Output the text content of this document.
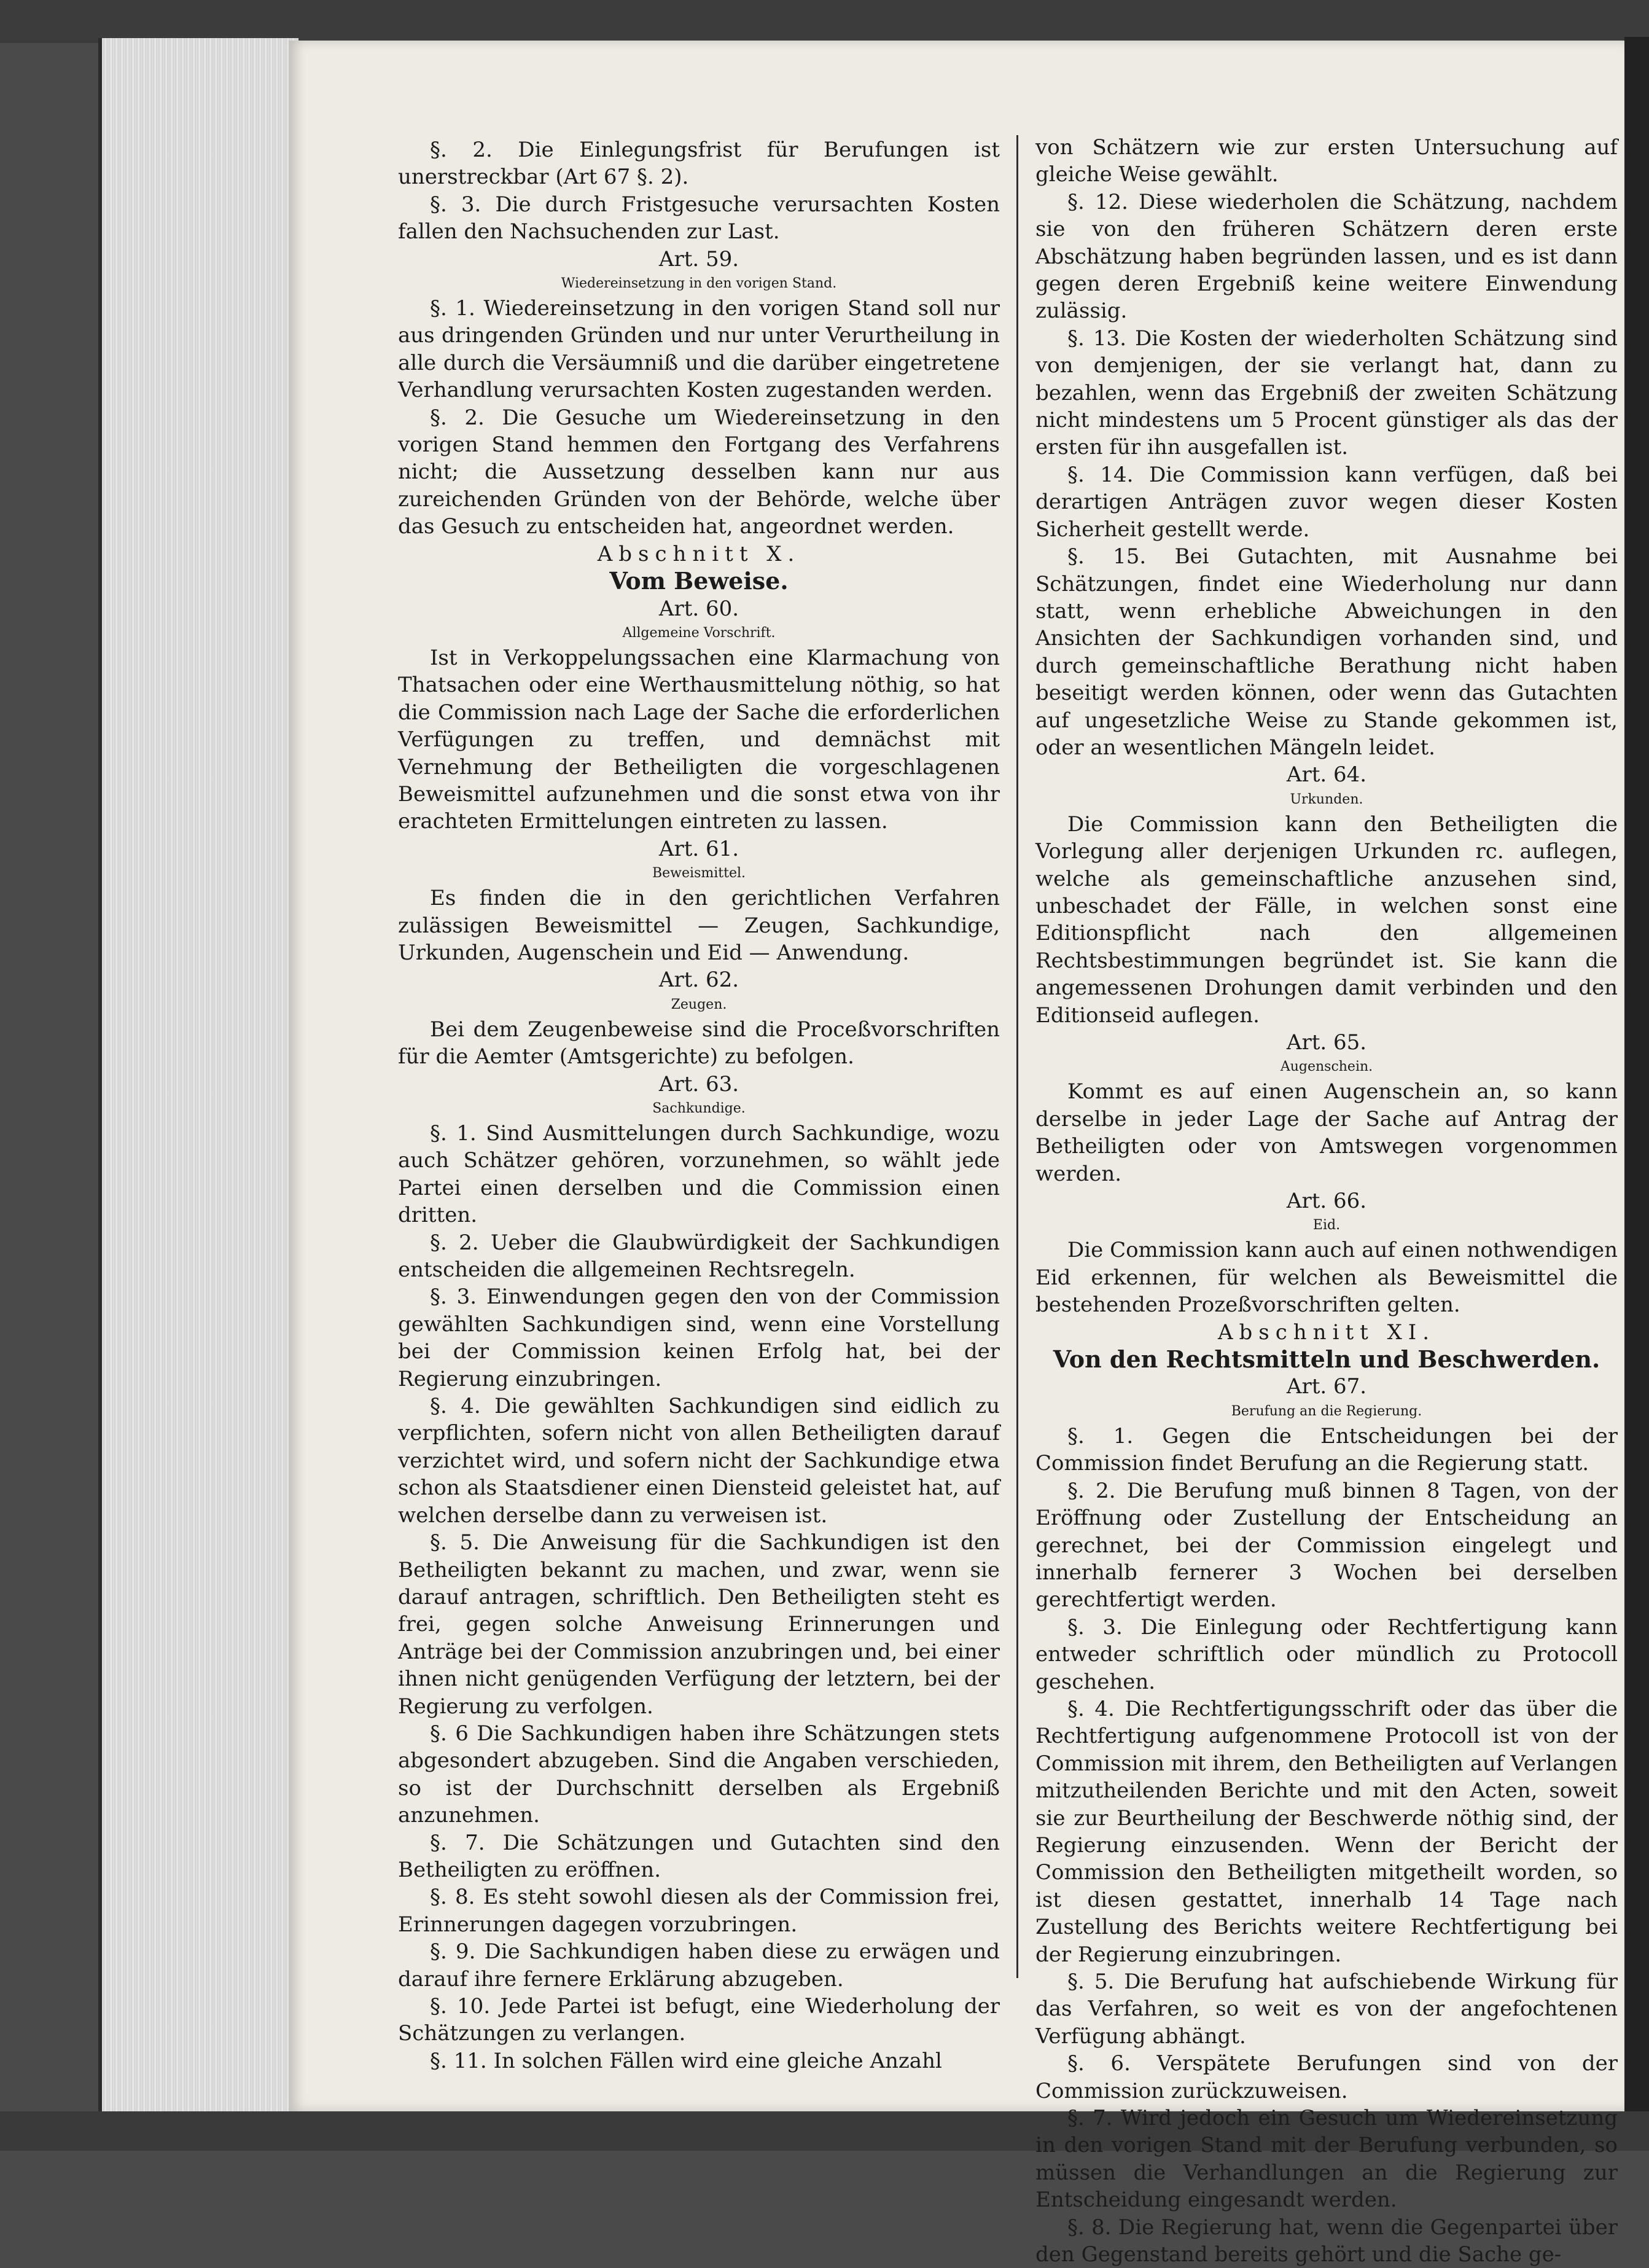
§. 2. Die Einlegungsfrist für Berufungen ist unerstreckbar (Art 67 §. 2).

§. 3. Die durch Fristgesuche verursachten Kosten fallen den Nachsuchenden zur Last.

Art. 59.
Wiedereinsetzung in den vorigen Stand.

§. 1. Wiedereinsetzung in den vorigen Stand soll nur aus dringenden Gründen und nur unter Verurtheilung in alle durch die Versäumniß und die darüber eingetretene Verhandlung verursachten Kosten zugestanden werden.

§. 2. Die Gesuche um Wiedereinsetzung in den vorigen Stand hemmen den Fortgang des Verfahrens nicht; die Aussetzung desselben kann nur aus zureichenden Gründen von der Behörde, welche über das Gesuch zu entscheiden hat, angeordnet werden.

Abschnitt X.
Vom Beweise.
Art. 60.
Allgemeine Vorschrift.

Ist in Verkoppelungssachen eine Klarmachung von Thatsachen oder eine Werthausmittelung nöthig, so hat die Commission nach Lage der Sache die erforderlichen Verfügungen zu treffen, und demnächst mit Vernehmung der Betheiligten die vorgeschlagenen Beweismittel aufzunehmen und die sonst etwa von ihr erachteten Ermittelungen eintreten zu lassen.

Art. 61.
Beweismittel.

Es finden die in den gerichtlichen Verfahren zulässigen Beweismittel — Zeugen, Sachkundige, Urkunden, Augenschein und Eid — Anwendung.

Art. 62.
Zeugen.

Bei dem Zeugenbeweise sind die Proceßvorschriften für die Aemter (Amtsgerichte) zu befolgen.

Art. 63.
Sachkundige.

§. 1. Sind Ausmittelungen durch Sachkundige, wozu auch Schätzer gehören, vorzunehmen, so wählt jede Partei einen derselben und die Commission einen dritten.

§. 2. Ueber die Glaubwürdigkeit der Sachkundigen entscheiden die allgemeinen Rechtsregeln.

§. 3. Einwendungen gegen den von der Commission gewählten Sachkundigen sind, wenn eine Vorstellung bei der Commission keinen Erfolg hat, bei der Regierung einzubringen.

§. 4. Die gewählten Sachkundigen sind eidlich zu verpflichten, sofern nicht von allen Betheiligten darauf verzichtet wird, und sofern nicht der Sachkundige etwa schon als Staatsdiener einen Diensteid geleistet hat, auf welchen derselbe dann zu verweisen ist.

§. 5. Die Anweisung für die Sachkundigen ist den Betheiligten bekannt zu machen, und zwar, wenn sie darauf antragen, schriftlich. Den Betheiligten steht es frei, gegen solche Anweisung Erinnerungen und Anträge bei der Commission anzubringen und, bei einer ihnen nicht genügenden Verfügung der letztern, bei der Regierung zu verfolgen.

§. 6 Die Sachkundigen haben ihre Schätzungen stets abgesondert abzugeben. Sind die Angaben verschieden, so ist der Durchschnitt derselben als Ergebniß anzunehmen.

§. 7. Die Schätzungen und Gutachten sind den Betheiligten zu eröffnen.

§. 8. Es steht sowohl diesen als der Commission frei, Erinnerungen dagegen vorzubringen.

§. 9. Die Sachkundigen haben diese zu erwägen und darauf ihre fernere Erklärung abzugeben.

§. 10. Jede Partei ist befugt, eine Wiederholung der Schätzungen zu verlangen.

§. 11. In solchen Fällen wird eine gleiche Anzahl

von Schätzern wie zur ersten Untersuchung auf gleiche Weise gewählt.

§. 12. Diese wiederholen die Schätzung, nachdem sie von den früheren Schätzern deren erste Abschätzung haben begründen lassen, und es ist dann gegen deren Ergebniß keine weitere Einwendung zulässig.

§. 13. Die Kosten der wiederholten Schätzung sind von demjenigen, der sie verlangt hat, dann zu bezahlen, wenn das Ergebniß der zweiten Schätzung nicht mindestens um 5 Procent günstiger als das der ersten für ihn ausgefallen ist.

§. 14. Die Commission kann verfügen, daß bei derartigen Anträgen zuvor wegen dieser Kosten Sicherheit gestellt werde.

§. 15. Bei Gutachten, mit Ausnahme bei Schätzungen, findet eine Wiederholung nur dann statt, wenn erhebliche Abweichungen in den Ansichten der Sachkundigen vorhanden sind, und durch gemeinschaftliche Berathung nicht haben beseitigt werden können, oder wenn das Gutachten auf ungesetzliche Weise zu Stande gekommen ist, oder an wesentlichen Mängeln leidet.

Art. 64.
Urkunden.

Die Commission kann den Betheiligten die Vorlegung aller derjenigen Urkunden rc. auflegen, welche als gemeinschaftliche anzusehen sind, unbeschadet der Fälle, in welchen sonst eine Editionspflicht nach den allgemeinen Rechtsbestimmungen begründet ist. Sie kann die angemessenen Drohungen damit verbinden und den Editionseid auflegen.

Art. 65.
Augenschein.

Kommt es auf einen Augenschein an, so kann derselbe in jeder Lage der Sache auf Antrag der Betheiligten oder von Amtswegen vorgenommen werden.

Art. 66.
Eid.

Die Commission kann auch auf einen nothwendigen Eid erkennen, für welchen als Beweismittel die bestehenden Prozeßvorschriften gelten.

Abschnitt XI.
Von den Rechtsmitteln und Beschwerden.
Art. 67.
Berufung an die Regierung.

§. 1. Gegen die Entscheidungen bei der Commission findet Berufung an die Regierung statt.

§. 2. Die Berufung muß binnen 8 Tagen, von der Eröffnung oder Zustellung der Entscheidung an gerechnet, bei der Commission eingelegt und innerhalb fernerer 3 Wochen bei derselben gerechtfertigt werden.

§. 3. Die Einlegung oder Rechtfertigung kann entweder schriftlich oder mündlich zu Protocoll geschehen.

§. 4. Die Rechtfertigungsschrift oder das über die Rechtfertigung aufgenommene Protocoll ist von der Commission mit ihrem, den Betheiligten auf Verlangen mitzutheilenden Berichte und mit den Acten, soweit sie zur Beurtheilung der Beschwerde nöthig sind, der Regierung einzusenden. Wenn der Bericht der Commission den Betheiligten mitgetheilt worden, so ist diesen gestattet, innerhalb 14 Tage nach Zustellung des Berichts weitere Rechtfertigung bei der Regierung einzubringen.

§. 5. Die Berufung hat aufschiebende Wirkung für das Verfahren, so weit es von der angefochtenen Verfügung abhängt.

§. 6. Verspätete Berufungen sind von der Commission zurückzuweisen.

§. 7. Wird jedoch ein Gesuch um Wiedereinsetzung in den vorigen Stand mit der Berufung verbunden, so müssen die Verhandlungen an die Regierung zur Entscheidung eingesandt werden.

§. 8. Die Regierung hat, wenn die Gegenpartei über den Gegenstand bereits gehört und die Sache ge-
